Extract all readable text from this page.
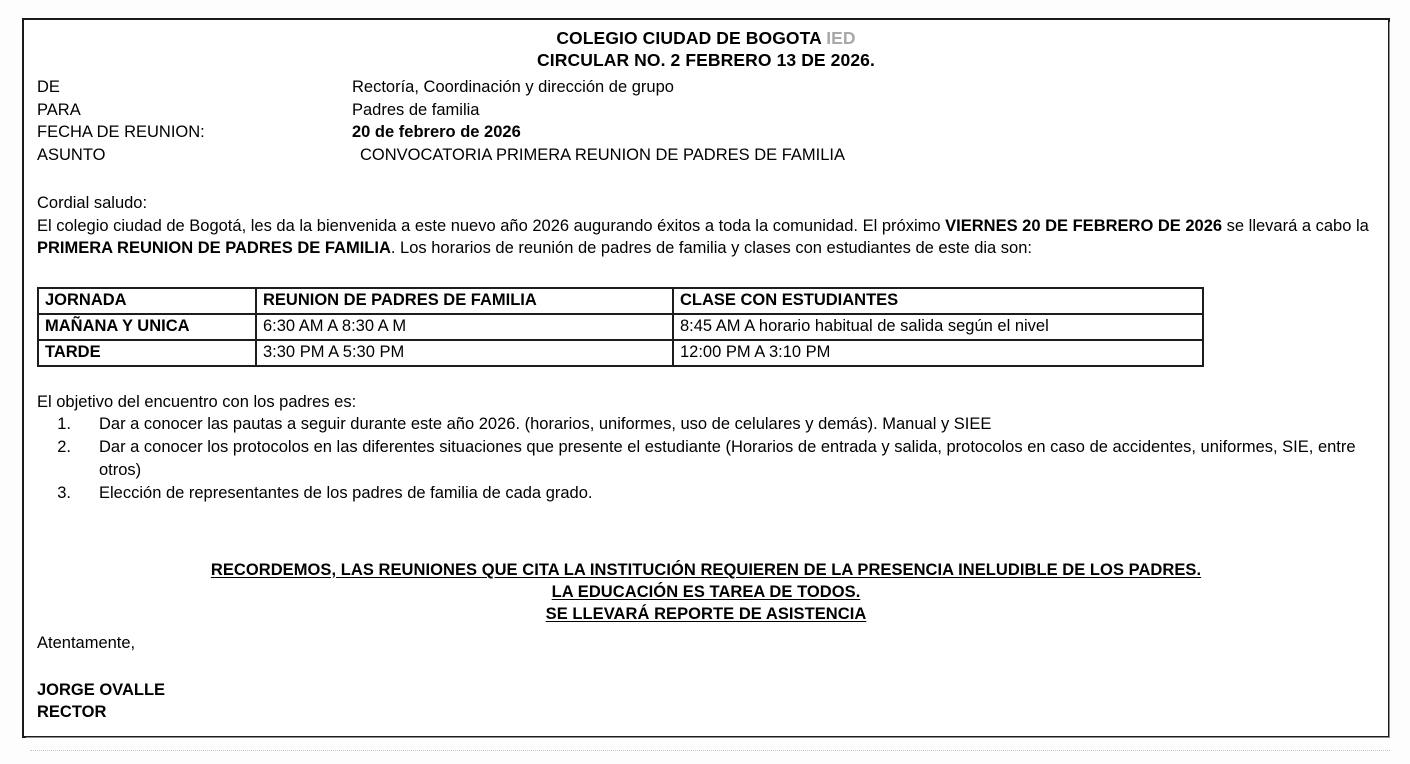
COLEGIO CIUDAD DE BOGOTA IED
CIRCULAR NO. 2 FEBRERO 13 DE 2026.
DE	Rectoría, Coordinación y dirección de grupo
PARA	Padres de familia
FECHA DE REUNION:	20 de febrero de 2026
ASUNTO	CONVOCATORIA PRIMERA REUNION DE PADRES DE FAMILIA
Cordial saludo:
El colegio ciudad de Bogotá, les da la bienvenida a este nuevo año 2026 augurando éxitos a toda la comunidad. El próximo VIERNES 20 DE FEBRERO DE 2026 se llevará a cabo la PRIMERA REUNION DE PADRES DE FAMILIA. Los horarios de reunión de padres de familia y clases con estudiantes de este dia son:
JORNADA	REUNION DE PADRES DE FAMILIA	CLASE CON ESTUDIANTES
MAÑANA Y UNICA	6:30 AM A 8:30 A M	8:45 AM A horario habitual de salida según el nivel
TARDE	3:30 PM A 5:30 PM	12:00 PM A 3:10 PM
El objetivo del encuentro con los padres es:
1.	Dar a conocer las pautas a seguir durante este año 2026. (horarios, uniformes, uso de celulares y demás). Manual y SIEE
2.	Dar a conocer los protocolos en las diferentes situaciones que presente el estudiante (Horarios de entrada y salida, protocolos en caso de accidentes, uniformes, SIE, entre otros)
3.	Elección de representantes de los padres de familia de cada grado.
RECORDEMOS, LAS REUNIONES QUE CITA LA INSTITUCIÓN REQUIEREN DE LA PRESENCIA INELUDIBLE DE LOS PADRES.
LA EDUCACIÓN ES TAREA DE TODOS.
SE LLEVARÁ REPORTE DE ASISTENCIA
Atentamente,
JORGE OVALLE
RECTOR
